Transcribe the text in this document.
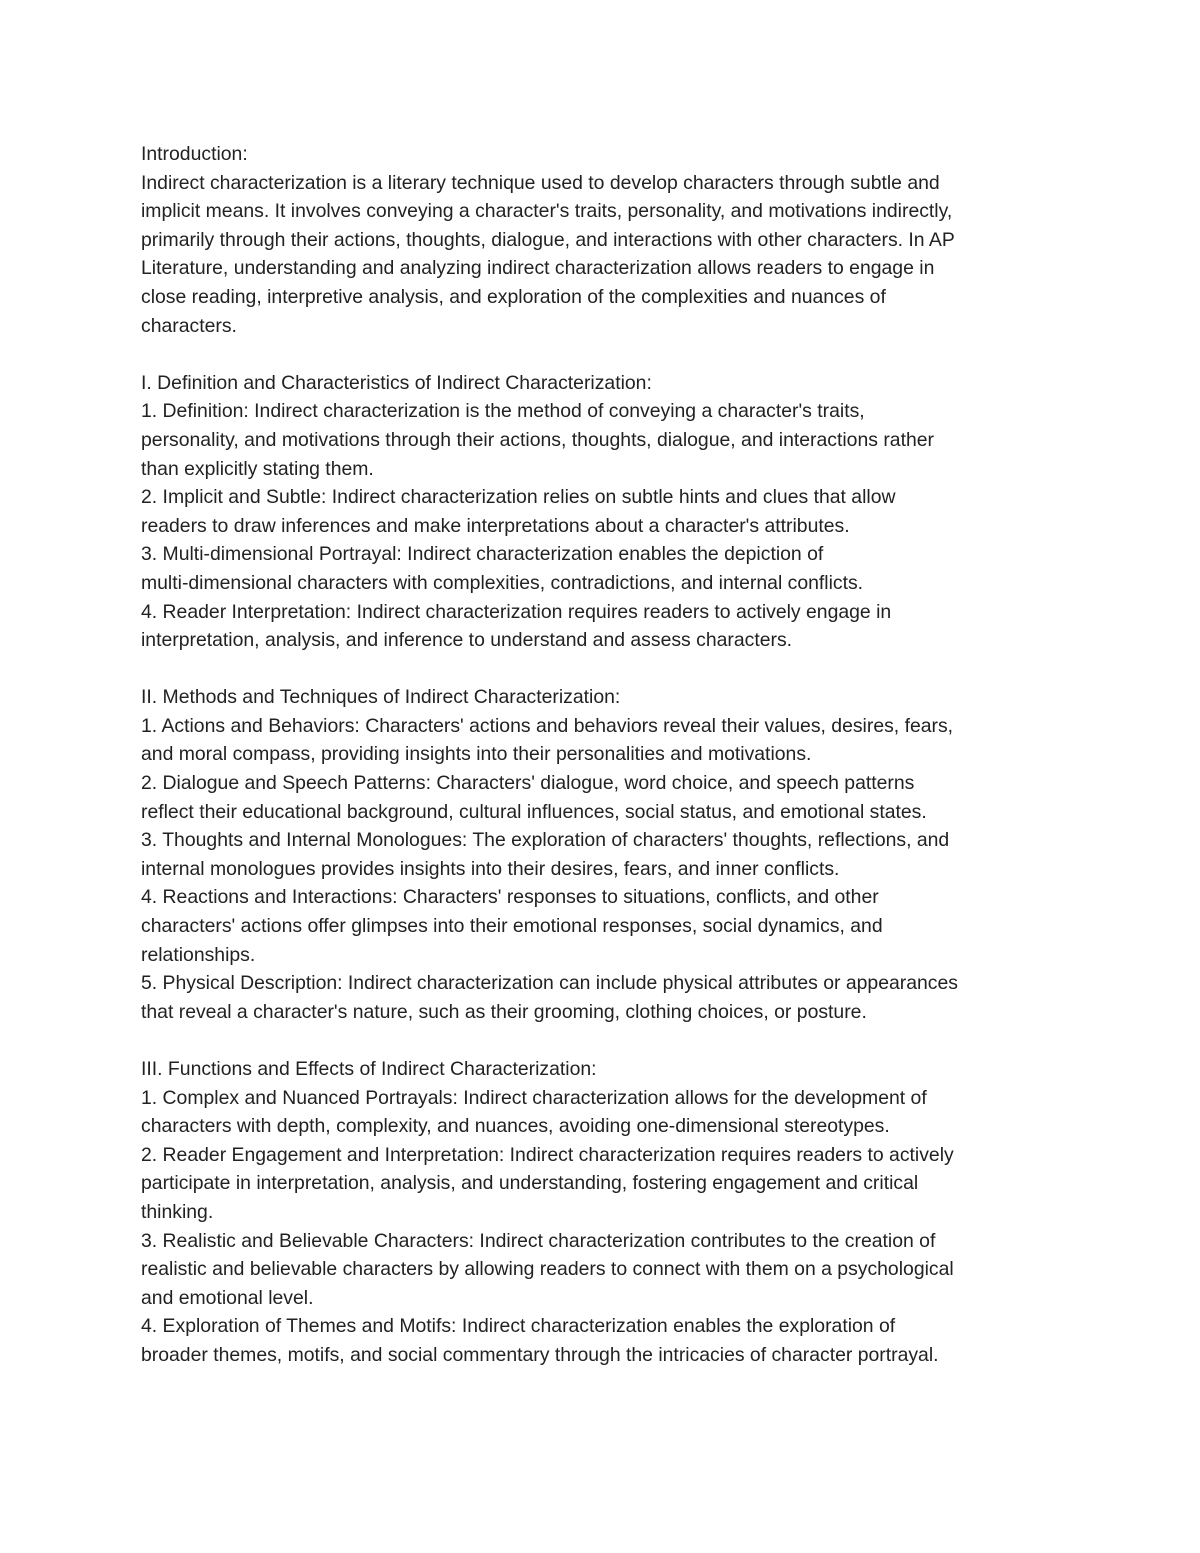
Introduction:
Indirect characterization is a literary technique used to develop characters through subtle and
implicit means. It involves conveying a character's traits, personality, and motivations indirectly,
primarily through their actions, thoughts, dialogue, and interactions with other characters. In AP
Literature, understanding and analyzing indirect characterization allows readers to engage in
close reading, interpretive analysis, and exploration of the complexities and nuances of
characters.
I. Definition and Characteristics of Indirect Characterization:
1. Definition: Indirect characterization is the method of conveying a character's traits,
personality, and motivations through their actions, thoughts, dialogue, and interactions rather
than explicitly stating them.
2. Implicit and Subtle: Indirect characterization relies on subtle hints and clues that allow
readers to draw inferences and make interpretations about a character's attributes.
3. Multi-dimensional Portrayal: Indirect characterization enables the depiction of
multi-dimensional characters with complexities, contradictions, and internal conflicts.
4. Reader Interpretation: Indirect characterization requires readers to actively engage in
interpretation, analysis, and inference to understand and assess characters.
II. Methods and Techniques of Indirect Characterization:
1. Actions and Behaviors: Characters' actions and behaviors reveal their values, desires, fears,
and moral compass, providing insights into their personalities and motivations.
2. Dialogue and Speech Patterns: Characters' dialogue, word choice, and speech patterns
reflect their educational background, cultural influences, social status, and emotional states.
3. Thoughts and Internal Monologues: The exploration of characters' thoughts, reflections, and
internal monologues provides insights into their desires, fears, and inner conflicts.
4. Reactions and Interactions: Characters' responses to situations, conflicts, and other
characters' actions offer glimpses into their emotional responses, social dynamics, and
relationships.
5. Physical Description: Indirect characterization can include physical attributes or appearances
that reveal a character's nature, such as their grooming, clothing choices, or posture.
III. Functions and Effects of Indirect Characterization:
1. Complex and Nuanced Portrayals: Indirect characterization allows for the development of
characters with depth, complexity, and nuances, avoiding one-dimensional stereotypes.
2. Reader Engagement and Interpretation: Indirect characterization requires readers to actively
participate in interpretation, analysis, and understanding, fostering engagement and critical
thinking.
3. Realistic and Believable Characters: Indirect characterization contributes to the creation of
realistic and believable characters by allowing readers to connect with them on a psychological
and emotional level.
4. Exploration of Themes and Motifs: Indirect characterization enables the exploration of
broader themes, motifs, and social commentary through the intricacies of character portrayal.
